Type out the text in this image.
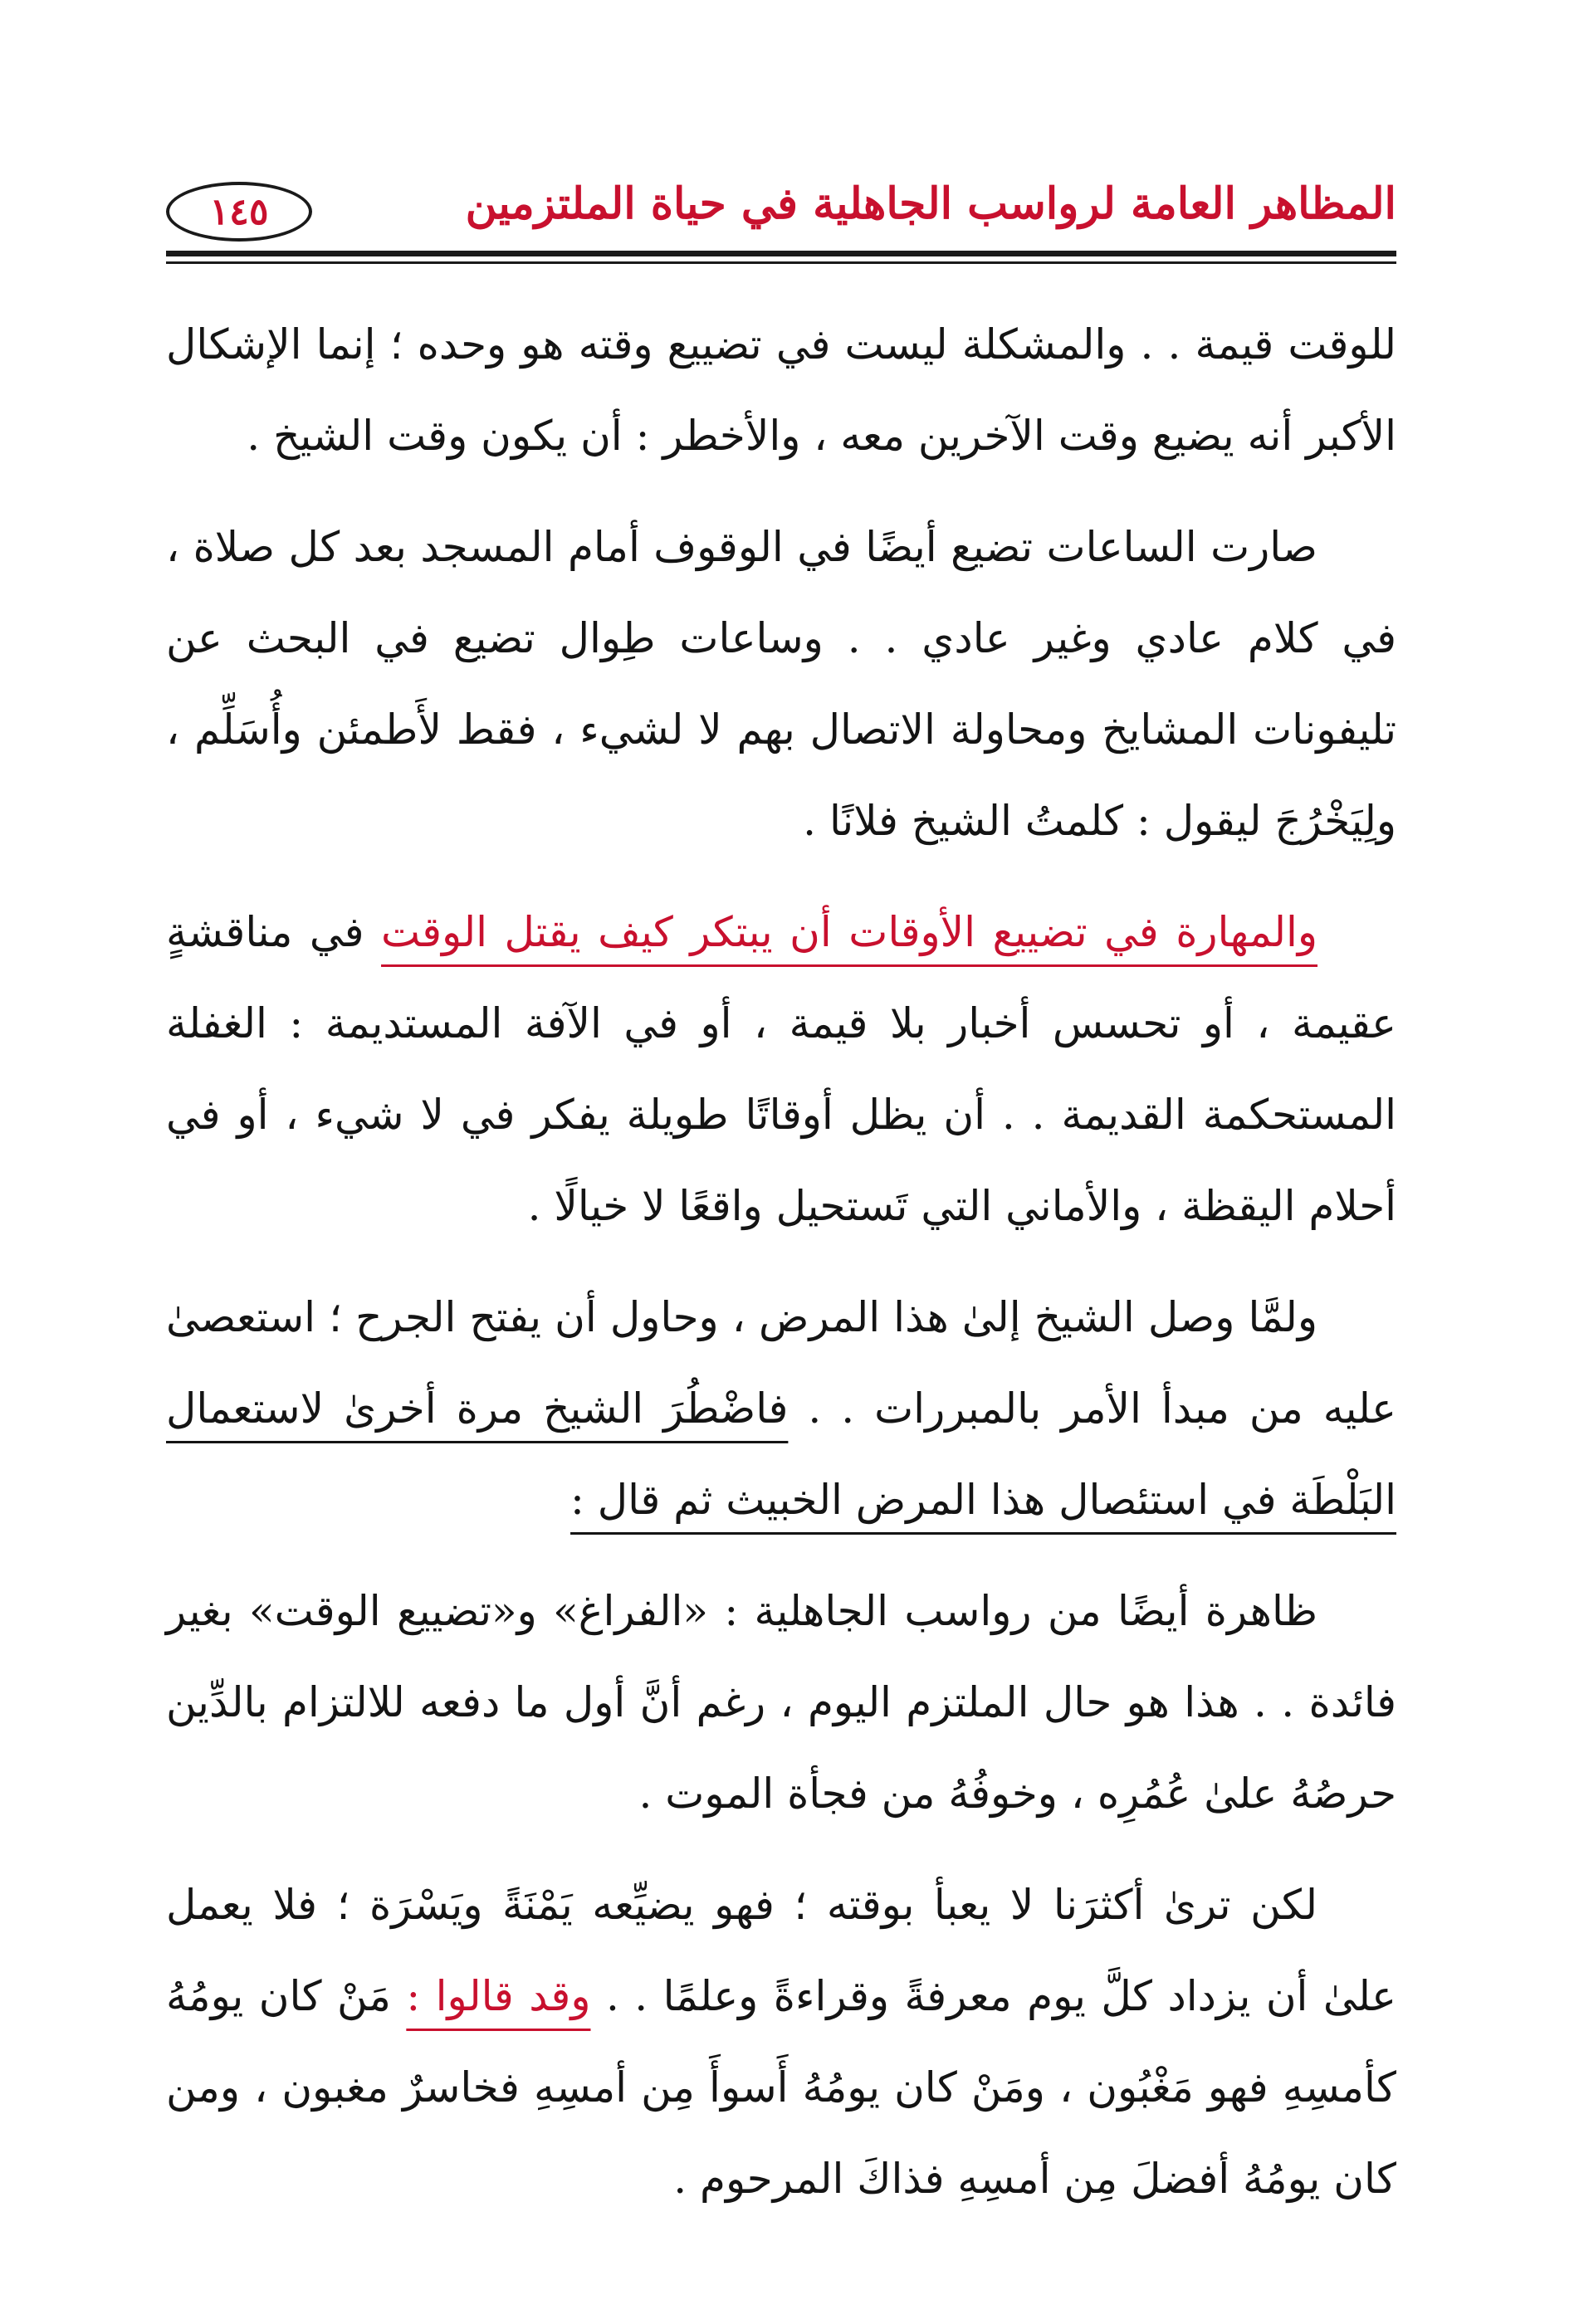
١٤٥	المظاهر العامة لرواسب الجاهلية في حياة الملتزمين

للوقت قيمة . . والمشكلة ليست في تضييع وقته هو وحده ؛ إنما الإشكال الأكبر أنه يضيع وقت الآخرين معه ، والأخطر : أن يكون وقت الشيخ .

صارت الساعات تضيع أيضًا في الوقوف أمام المسجد بعد كل صلاة ، في كلام عادي وغير عادي . . وساعات طِوال تضيع في البحث عن تليفونات المشايخ ومحاولة الاتصال بهم لا لشيء ، فقط لأَطمئن وأُسَلِّم ، ولِيَخْرُجَ ليقول : كلمتُ الشيخ فلانًا .

والمهارة في تضييع الأوقات أن يبتكر كيف يقتل الوقت في مناقشةٍ عقيمة ، أو تحسس أخبار بلا قيمة ، أو في الآفة المستديمة : الغفلة المستحكمة القديمة . . أن يظل أوقاتًا طويلة يفكر في لا شيء ، أو في أحلام اليقظة ، والأماني التي تَستحيل واقعًا لا خيالًا .

ولمَّا وصل الشيخ إلىٰ هذا المرض ، وحاول أن يفتح الجرح ؛ استعصىٰ عليه من مبدأ الأمر بالمبررات . . فاضْطُرَ الشيخ مرة أخرىٰ لاستعمال البَلْطَة في استئصال هذا المرض الخبيث ثم قال :

ظاهرة أيضًا من رواسب الجاهلية : «الفراغ» و«تضييع الوقت» بغير فائدة . . هذا هو حال الملتزم اليوم ، رغم أنَّ أول ما دفعه للالتزام بالدِّين حرصُهُ علىٰ عُمُرِه ، وخوفُهُ من فجأة الموت .

لكن ترىٰ أكثرَنا لا يعبأ بوقته ؛ فهو يضيِّعه يَمْنَةً ويَسْرَة ؛ فلا يعمل علىٰ أن يزداد كلَّ يوم معرفةً وقراءةً وعلمًا . . وقد قالوا : مَنْ كان يومُهُ كأمسِهِ فهو مَغْبُون ، ومَنْ كان يومُهُ أَسوأَ مِن أمسِهِ فخاسرٌ مغبون ، ومن كان يومُهُ أفضلَ مِن أمسِهِ فذاكَ المرحوم .
